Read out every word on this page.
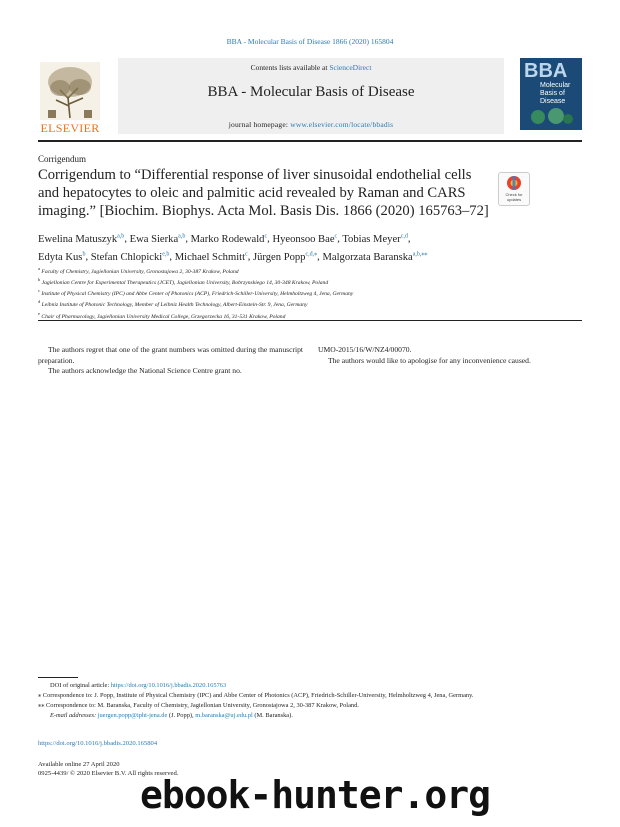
BBA - Molecular Basis of Disease 1866 (2020) 165804
ELSEVIER
Contents lists available at ScienceDirect
BBA - Molecular Basis of Disease
journal homepage: www.elsevier.com/locate/bbadis
BBA
Molecular
Basis of
Disease
Corrigendum
Corrigendum to “Differential response of liver sinusoidal endothelial cells and hepatocytes to oleic and palmitic acid revealed by Raman and CARS imaging.” [Biochim. Biophys. Acta Mol. Basis Dis. 1866 (2020) 165763–72]
Check for
updates
Ewelina Matuszyk$^{a,b}$, Ewa Sierka$^{a,b}$, Marko Rodewald$^c$, Hyeonsoo Bae$^c$, Tobias Meyer$^{c,d}$,
Edyta Kus$^b$, Stefan Chlopicki$^{e,b}$, Michael Schmitt$^c$, Jürgen Popp$^{c,d,⁎}$, Malgorzata Baranska$^{a,b,⁎⁎}$
$^a$ Faculty of Chemistry, Jagiellonian University, Gronostajowa 2, 30-387 Krakow, Poland
$^b$ Jagiellonian Centre for Experimental Therapeutics (JCET), Jagiellonian University, Bobrzynskiego 14, 30-348 Krakow, Poland
$^c$ Institute of Physical Chemistry (IPC) and Abbe Center of Photonics (ACP), Friedrich-Schiller-University, Helmholtzweg 4, Jena, Germany
$^d$ Leibniz Institute of Photonic Technology, Member of Leibniz Health Technology, Albert-Einstein-Str. 9, Jena, Germany
$^e$ Chair of Pharmacology, Jagiellonian University Medical College, Grzegorzecka 16, 31-531 Krakow, Poland

The authors regret that one of the grant numbers was omitted during the manuscript preparation.

The authors acknowledge the National Science Centre grant no.

UMO-2015/16/W/NZ4/00070.

The authors would like to apologise for any inconvenience caused.

DOI of original article: https://doi.org/10.1016/j.bbadis.2020.165763

⁎ Correspondence to: J. Popp, Institute of Physical Chemistry (IPC) and Abbe Center of Photonics (ACP), Friedrich-Schiller-University, Helmholtzweg 4, Jena, Germany.

⁎⁎ Correspondence to: M. Baranska, Faculty of Chemistry, Jagiellonian University, Gronostajowa 2, 30-387 Krakow, Poland.

E-mail addresses: juergen.popp@ipht-jena.de (J. Popp), m.baranska@uj.edu.pl (M. Baranska).

https://doi.org/10.1016/j.bbadis.2020.165804
Available online 27 April 2020
0925-4439/ © 2020 Elsevier B.V. All rights reserved.
ebook-hunter.org
